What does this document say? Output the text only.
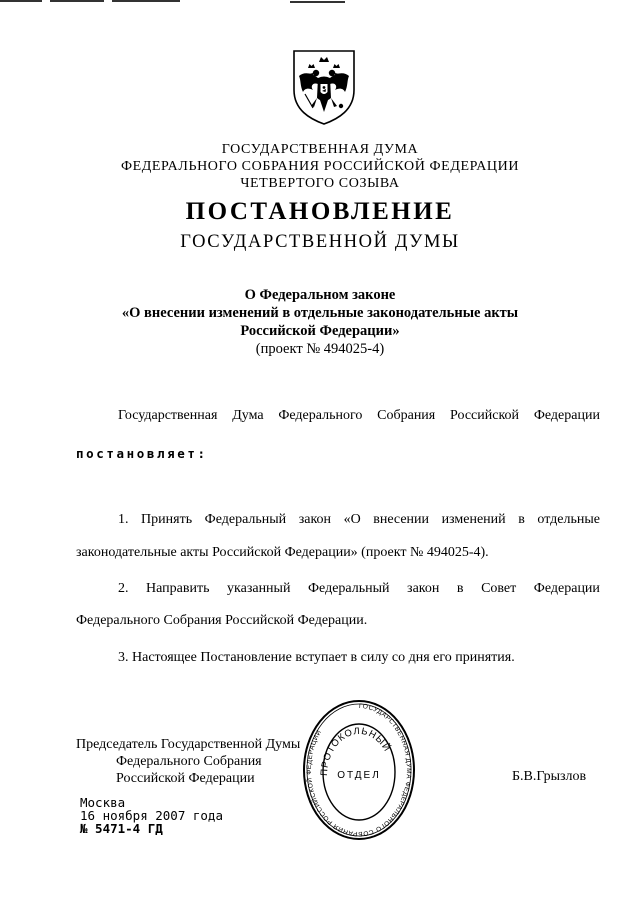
ГОСУДАРСТВЕННАЯ ДУМА
ФЕДЕРАЛЬНОГО СОБРАНИЯ РОССИЙСКОЙ ФЕДЕРАЦИИ
ЧЕТВЕРТОГО СОЗЫВА
ПОСТАНОВЛЕНИЕ
ГОСУДАРСТВЕННОЙ ДУМЫ
О Федеральном законе
«О внесении изменений в отдельные законодательные акты
Российской Федерации»
(проект № 494025-4)
Государственная Дума Федерального Собрания Российской Федерации
постановляет:
1. Принять Федеральный закон «О внесении изменений в отдельные
законодательные акты Российской Федерации» (проект № 494025-4).
2. Направить указанный Федеральный закон в Совет Федерации
Федерального Собрания Российской Федерации.
3. Настоящее Постановление вступает в силу со дня его принятия.
Председатель Государственной Думы
Федерального Собрания
Российской Федерации	Б.В.Грызлов
ГОСУДАРСТВЕННАЯ ДУМА ФЕДЕРАЛЬНОГО СОБРАНИЯ РОССИЙСКОЙ ФЕДЕРАЦИИ
ПРОТОКОЛЬНЫЙ
ОТДЕЛ
Москва
16 ноября 2007 года
№ 5471-4 ГД
